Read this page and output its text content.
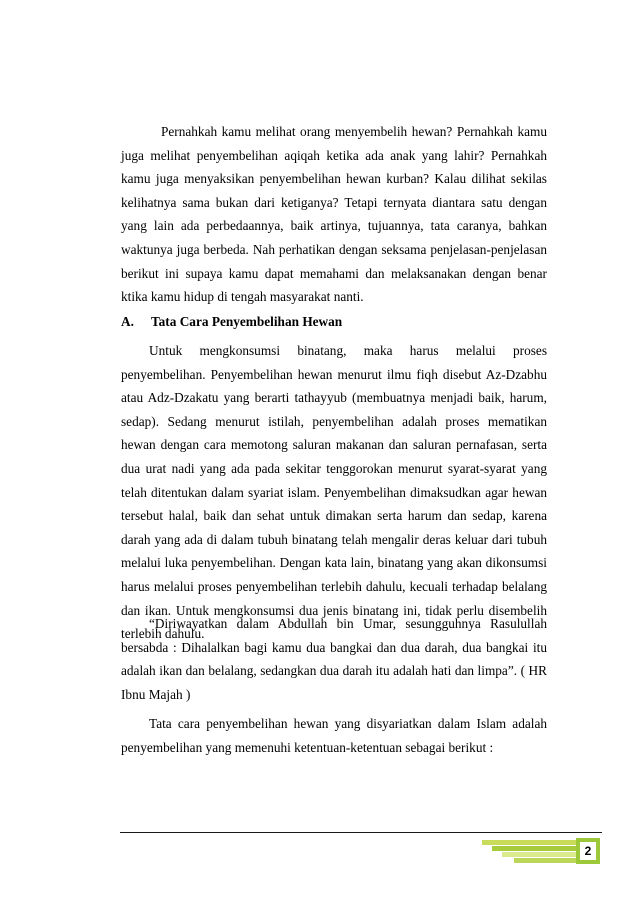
Pernahkah kamu melihat orang menyembelih hewan? Pernahkah kamu juga melihat penyembelihan aqiqah ketika ada anak yang lahir? Pernahkah kamu juga menyaksikan penyembelihan hewan kurban? Kalau dilihat sekilas kelihatnya sama bukan dari ketiganya? Tetapi ternyata diantara satu dengan yang lain ada perbedaannya, baik artinya, tujuannya, tata caranya, bahkan waktunya juga berbeda. Nah perhatikan dengan seksama penjelasan-penjelasan berikut ini supaya kamu dapat memahami dan melaksanakan dengan benar ktika kamu hidup di tengah masyarakat nanti.

A. Tata Cara Penyembelihan Hewan

Untuk mengkonsumsi binatang, maka harus melalui proses penyembelihan. Penyembelihan hewan menurut ilmu fiqh disebut Az-Dzabhu atau Adz-Dzakatu yang berarti tathayyub (membuatnya menjadi baik, harum, sedap). Sedang menurut istilah, penyembelihan adalah proses mematikan hewan dengan cara memotong saluran makanan dan saluran pernafasan, serta dua urat nadi yang ada pada sekitar tenggorokan menurut syarat-syarat yang telah ditentukan dalam syariat islam. Penyembelihan dimaksudkan agar hewan tersebut halal, baik dan sehat untuk dimakan serta harum dan sedap, karena darah yang ada di dalam tubuh binatang telah mengalir deras keluar dari tubuh melalui luka penyembelihan. Dengan kata lain, binatang yang akan dikonsumsi harus melalui proses penyembelihan terlebih dahulu, kecuali terhadap belalang dan ikan. Untuk mengkonsumsi dua jenis binatang ini, tidak perlu disembelih terlebih dahulu.

“Diriwayatkan dalam Abdullah bin Umar, sesungguhnya Rasulullah bersabda : Dihalalkan bagi kamu dua bangkai dan dua darah, dua bangkai itu adalah ikan dan belalang, sedangkan dua darah itu adalah hati dan limpa”. ( HR Ibnu Majah )

Tata cara penyembelihan hewan yang disyariatkan dalam Islam adalah penyembelihan yang memenuhi ketentuan-ketentuan sebagai berikut :

2
